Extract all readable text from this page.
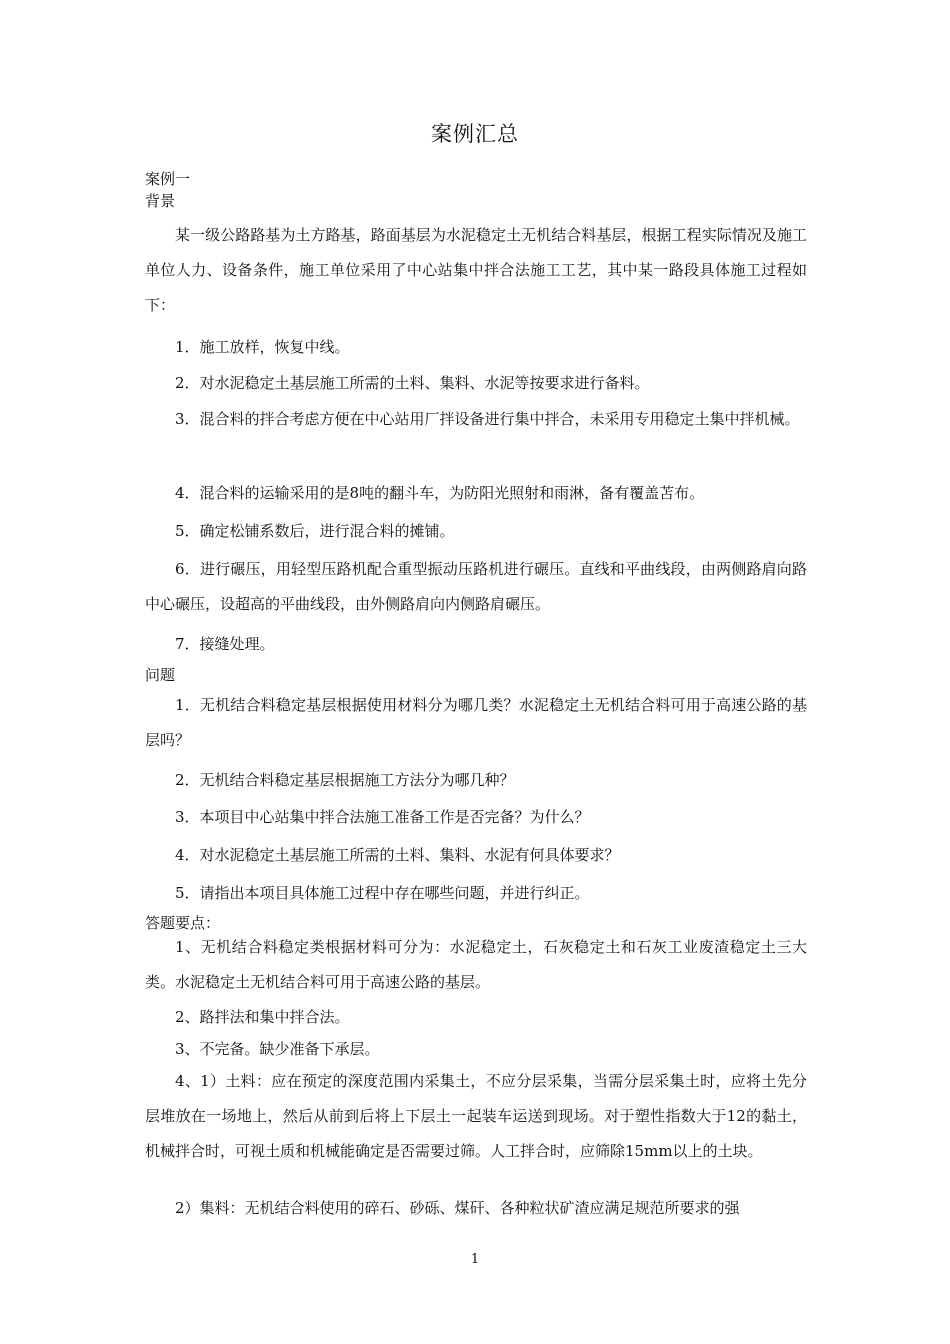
案例汇总
案例一
背景

某一级公路路基为土方路基，路面基层为水泥稳定土无机结合料基层，根据工程实际情况及施工单位人力、设备条件，施工单位采用了中心站集中拌合法施工工艺，其中某一路段具体施工过程如下：

1．施工放样，恢复中线。

2．对水泥稳定土基层施工所需的土料、集料、水泥等按要求进行备料。

3．混合料的拌合考虑方便在中心站用厂拌设备进行集中拌合，未采用专用稳定土集中拌机械。

4．混合料的运输采用的是8吨的翻斗车，为防阳光照射和雨淋，备有覆盖苫布。

5．确定松铺系数后，进行混合料的摊铺。

6．进行碾压，用轻型压路机配合重型振动压路机进行碾压。直线和平曲线段，由两侧路肩向路中心碾压，设超高的平曲线段，由外侧路肩向内侧路肩碾压。

7．接缝处理。

问题

1．无机结合料稳定基层根据使用材料分为哪几类？水泥稳定土无机结合料可用于高速公路的基层吗？

2．无机结合料稳定基层根据施工方法分为哪几种？

3．本项目中心站集中拌合法施工准备工作是否完备？为什么？

4．对水泥稳定土基层施工所需的土料、集料、水泥有何具体要求？

5．请指出本项目具体施工过程中存在哪些问题，并进行纠正。

答题要点：

1、无机结合料稳定类根据材料可分为：水泥稳定土，石灰稳定土和石灰工业废渣稳定土三大类。水泥稳定土无机结合料可用于高速公路的基层。

2、路拌法和集中拌合法。

3、不完备。缺少准备下承层。

4、1）土料：应在预定的深度范围内采集土，不应分层采集，当需分层采集土时，应将土先分层堆放在一场地上，然后从前到后将上下层土一起装车运送到现场。对于塑性指数大于12的黏土，机械拌合时，可视土质和机械能确定是否需要过筛。人工拌合时，应筛除15mm以上的土块。

2）集料：无机结合料使用的碎石、砂砾、煤矸、各种粒状矿渣应满足规范所要求的强

1
